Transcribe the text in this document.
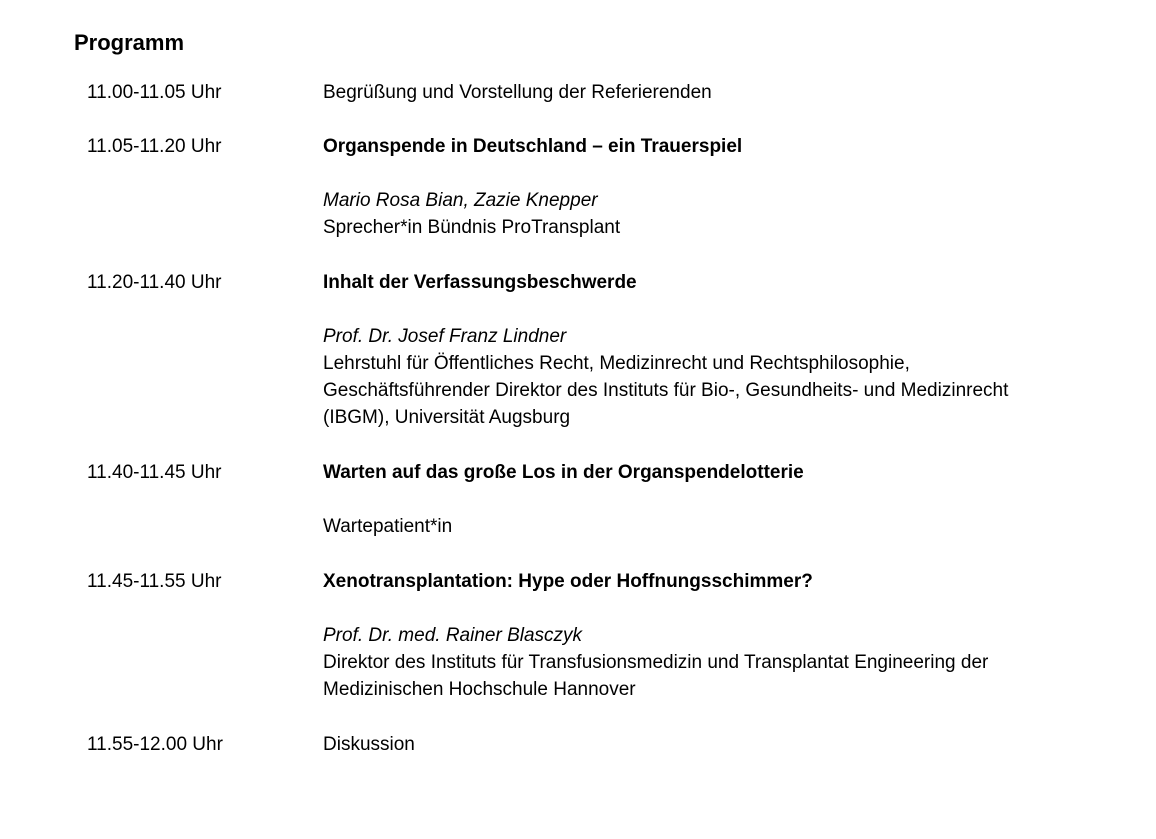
Programm
11.00-11.05 Uhr	Begrüßung und Vorstellung der Referierenden
11.05-11.20 Uhr	Organspende in Deutschland – ein Trauerspiel
Mario Rosa Bian, Zazie Knepper
Sprecher*in Bündnis ProTransplant
11.20-11.40 Uhr	Inhalt der Verfassungsbeschwerde
Prof. Dr. Josef Franz Lindner
Lehrstuhl für Öffentliches Recht, Medizinrecht und Rechtsphilosophie,
Geschäftsführender Direktor des Instituts für Bio-, Gesundheits- und Medizinrecht
(IBGM), Universität Augsburg
11.40-11.45 Uhr	Warten auf das große Los in der Organspendelotterie
Wartepatient*in
11.45-11.55 Uhr	Xenotransplantation: Hype oder Hoffnungsschimmer?
Prof. Dr. med. Rainer Blasczyk
Direktor des Instituts für Transfusionsmedizin und Transplantat Engineering der
Medizinischen Hochschule Hannover
11.55-12.00 Uhr	Diskussion
